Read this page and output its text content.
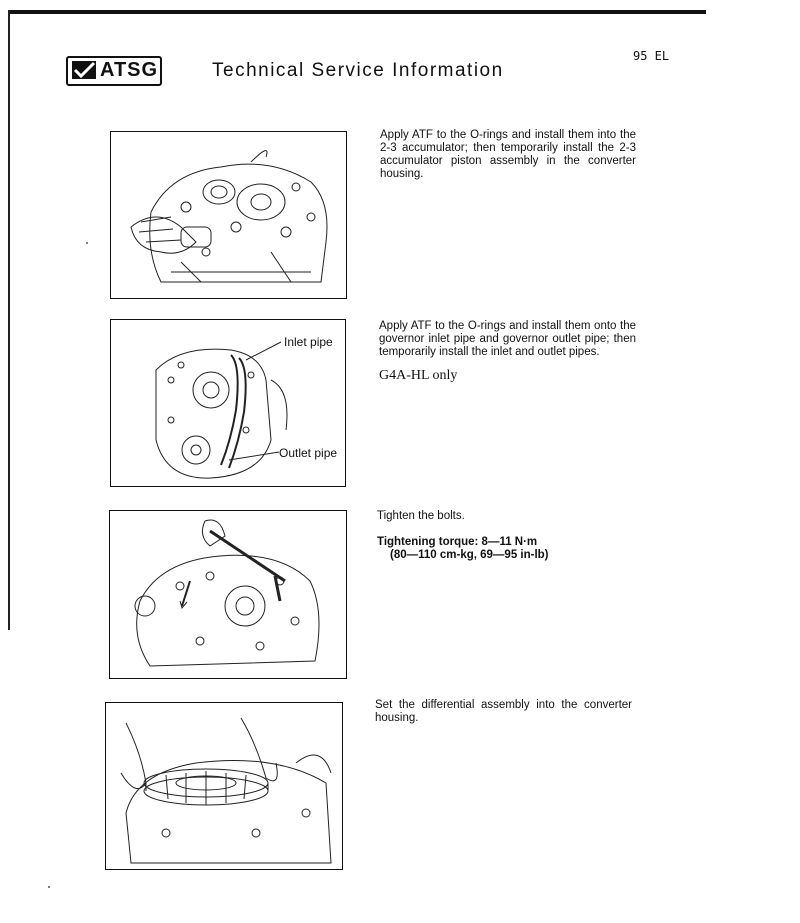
ATSG	Technical Service Information
95 EL
Apply ATF to the O-rings and install them into the 2-3 accumulator; then temporarily install the 2-3 accumulator piston assembly in the converter housing.
Inlet pipe
Outlet pipe
Apply ATF to the O-rings and install them onto the governor inlet pipe and governor outlet pipe; then temporarily install the inlet and outlet pipes.
G4A-HL only
Tighten the bolts.
Tightening torque: 8—11 N·m
(80—110 cm-kg, 69—95 in-lb)
Set the differential assembly into the converter housing.
